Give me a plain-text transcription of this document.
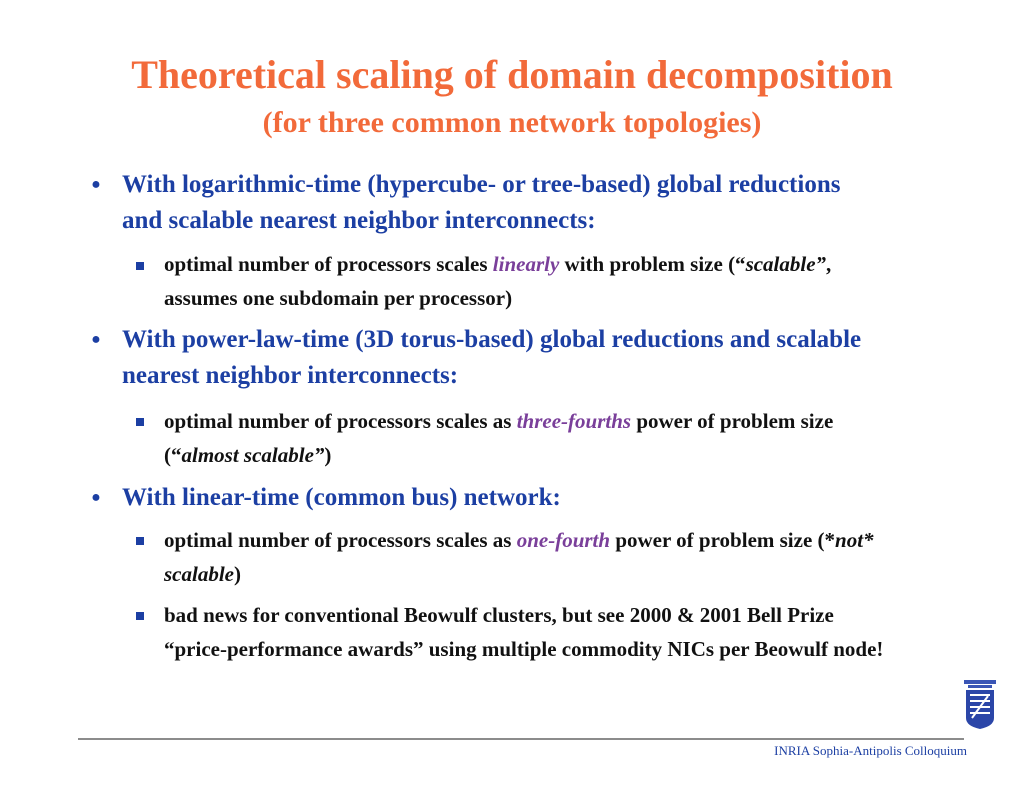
Theoretical scaling of domain decomposition
(for three common network topologies)
● With logarithmic-time (hypercube- or tree-based) global reductions and scalable nearest neighbor interconnects:
optimal number of processors scales linearly with problem size (“scalable”, assumes one subdomain per processor)
● With power-law-time (3D torus-based) global reductions and scalable nearest neighbor interconnects:
optimal number of processors scales as three-fourths power of problem size (“almost scalable”)
● With linear-time (common bus) network:
optimal number of processors scales as one-fourth power of problem size (*not* scalable)
bad news for conventional Beowulf clusters, but see 2000 & 2001 Bell Prize “price-performance awards” using multiple commodity NICs per Beowulf node!
INRIA Sophia-Antipolis Colloquium
